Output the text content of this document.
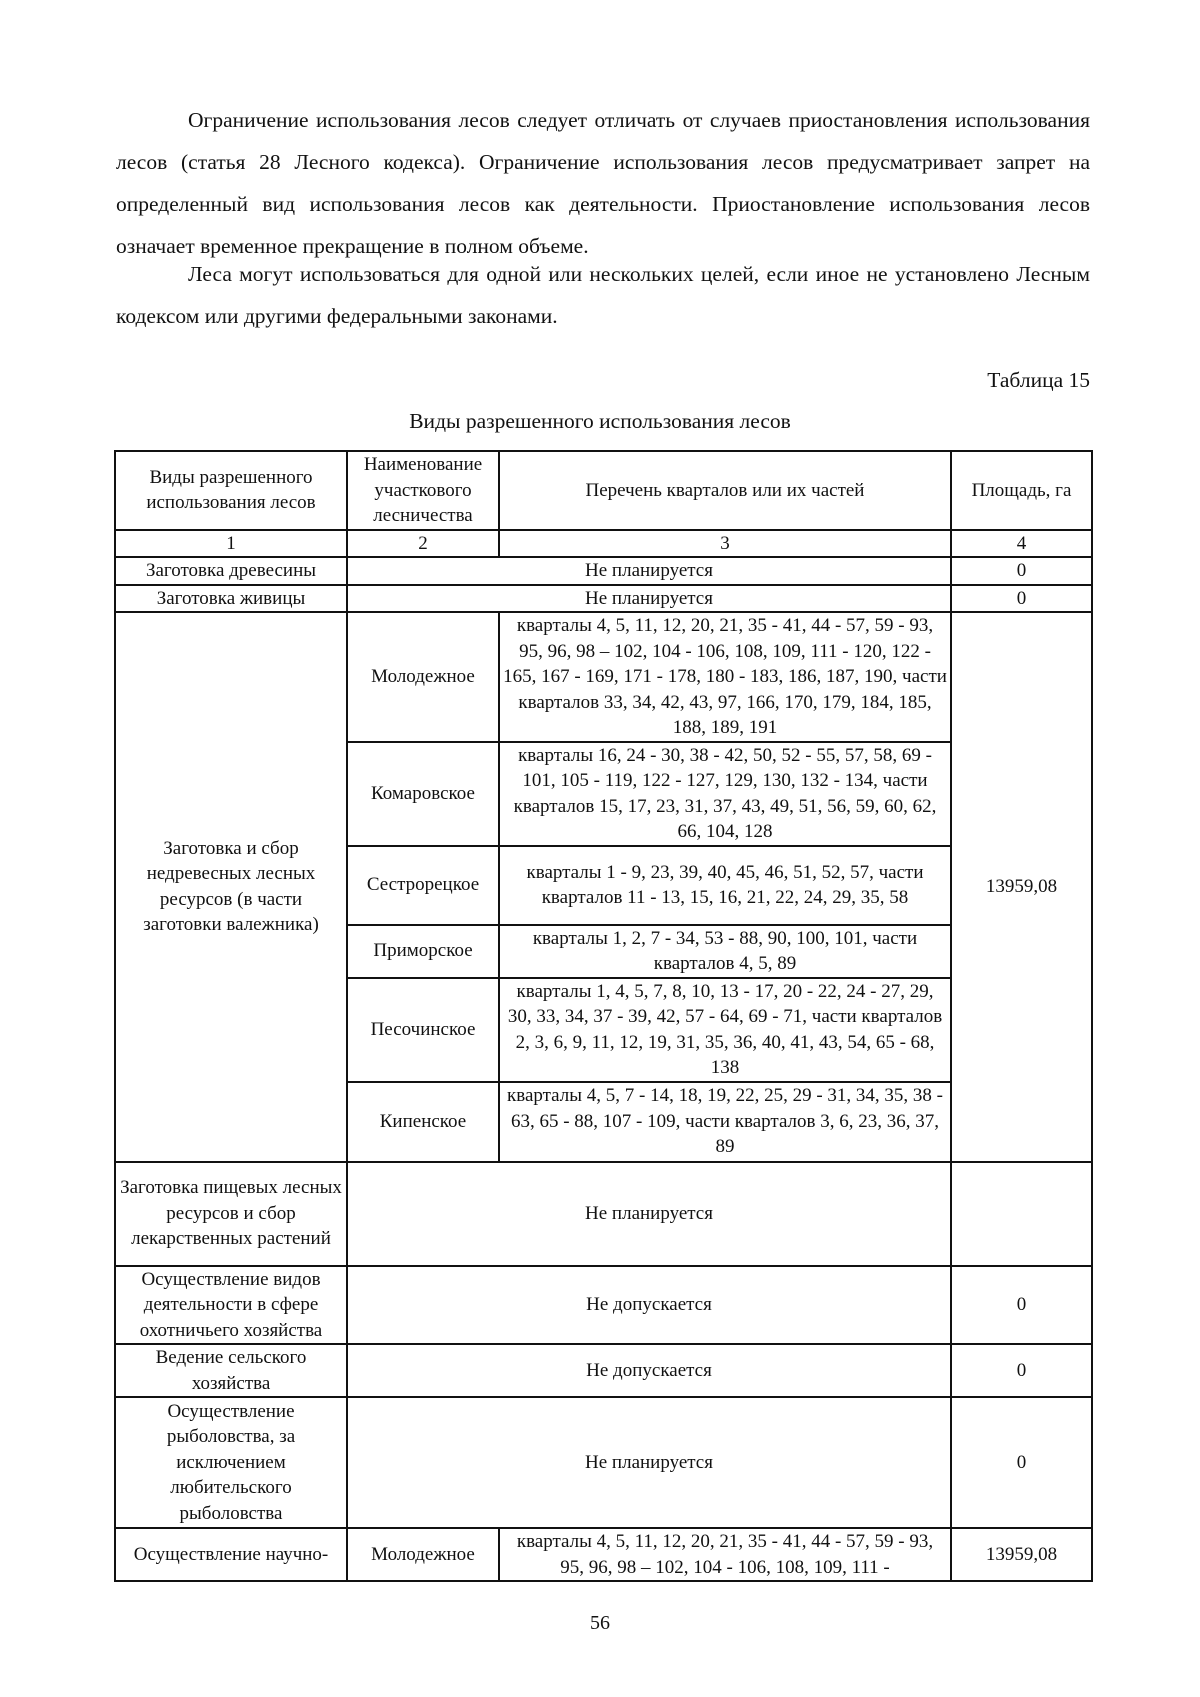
Ограничение использования лесов следует отличать от случаев приостановления использования лесов (статья 28 Лесного кодекса). Ограничение использования лесов предусматривает запрет на определенный вид использования лесов как деятельности. Приостановление использования лесов означает временное прекращение в полном объеме.

Леса могут использоваться для одной или нескольких целей, если иное не установлено Лесным кодексом или другими федеральными законами.

Таблица 15
Виды разрешенного использования лесов
Виды разрешенного использования лесов	Наименование участкового лесничества	Перечень кварталов или их частей	Площадь, га
1	2	3	4
Заготовка древесины	Не планируется		0
Заготовка живицы	Не планируется		0
Заготовка и сбор недревесных лесных ресурсов (в части заготовки валежника)	Молодежное	кварталы 4, 5, 11, 12, 20, 21, 35 - 41, 44 - 57, 59 - 93, 95, 96, 98 – 102, 104 - 106, 108, 109, 111 - 120, 122 - 165, 167 - 169, 171 - 178, 180 - 183, 186, 187, 190, части кварталов 33, 34, 42, 43, 97, 166, 170, 179, 184, 185, 188, 189, 191	13959,08
	Комаровское	кварталы 16, 24 - 30, 38 - 42, 50, 52 - 55, 57, 58, 69 - 101, 105 - 119, 122 - 127, 129, 130, 132 - 134, части кварталов 15, 17, 23, 31, 37, 43, 49, 51, 56, 59, 60, 62, 66, 104, 128	
	Сестрорецкое	кварталы 1 - 9, 23, 39, 40, 45, 46, 51, 52, 57, части кварталов 11 - 13, 15, 16, 21, 22, 24, 29, 35, 58	
	Приморское	кварталы 1, 2, 7 - 34, 53 - 88, 90, 100, 101, части кварталов 4, 5, 89	
	Песочинское	кварталы 1, 4, 5, 7, 8, 10, 13 - 17, 20 - 22, 24 - 27, 29, 30, 33, 34, 37 - 39, 42, 57 - 64, 69 - 71, части кварталов 2, 3, 6, 9, 11, 12, 19, 31, 35, 36, 40, 41, 43, 54, 65 - 68, 138	
	Кипенское	кварталы 4, 5, 7 - 14, 18, 19, 22, 25, 29 - 31, 34, 35, 38 - 63, 65 - 88, 107 - 109, части кварталов 3, 6, 23, 36, 37, 89	
Заготовка пищевых лесных ресурсов и сбор лекарственных растений	Не планируется		
Осуществление видов деятельности в сфере охотничьего хозяйства	Не допускается		0
Ведение сельского хозяйства	Не допускается		0
Осуществление рыболовства, за исключением любительского рыболовства	Не планируется		0
Осуществление научно-	Молодежное	кварталы 4, 5, 11, 12, 20, 21, 35 - 41, 44 - 57, 59 - 93, 95, 96, 98 – 102, 104 - 106, 108, 109, 111 -	13959,08
56
